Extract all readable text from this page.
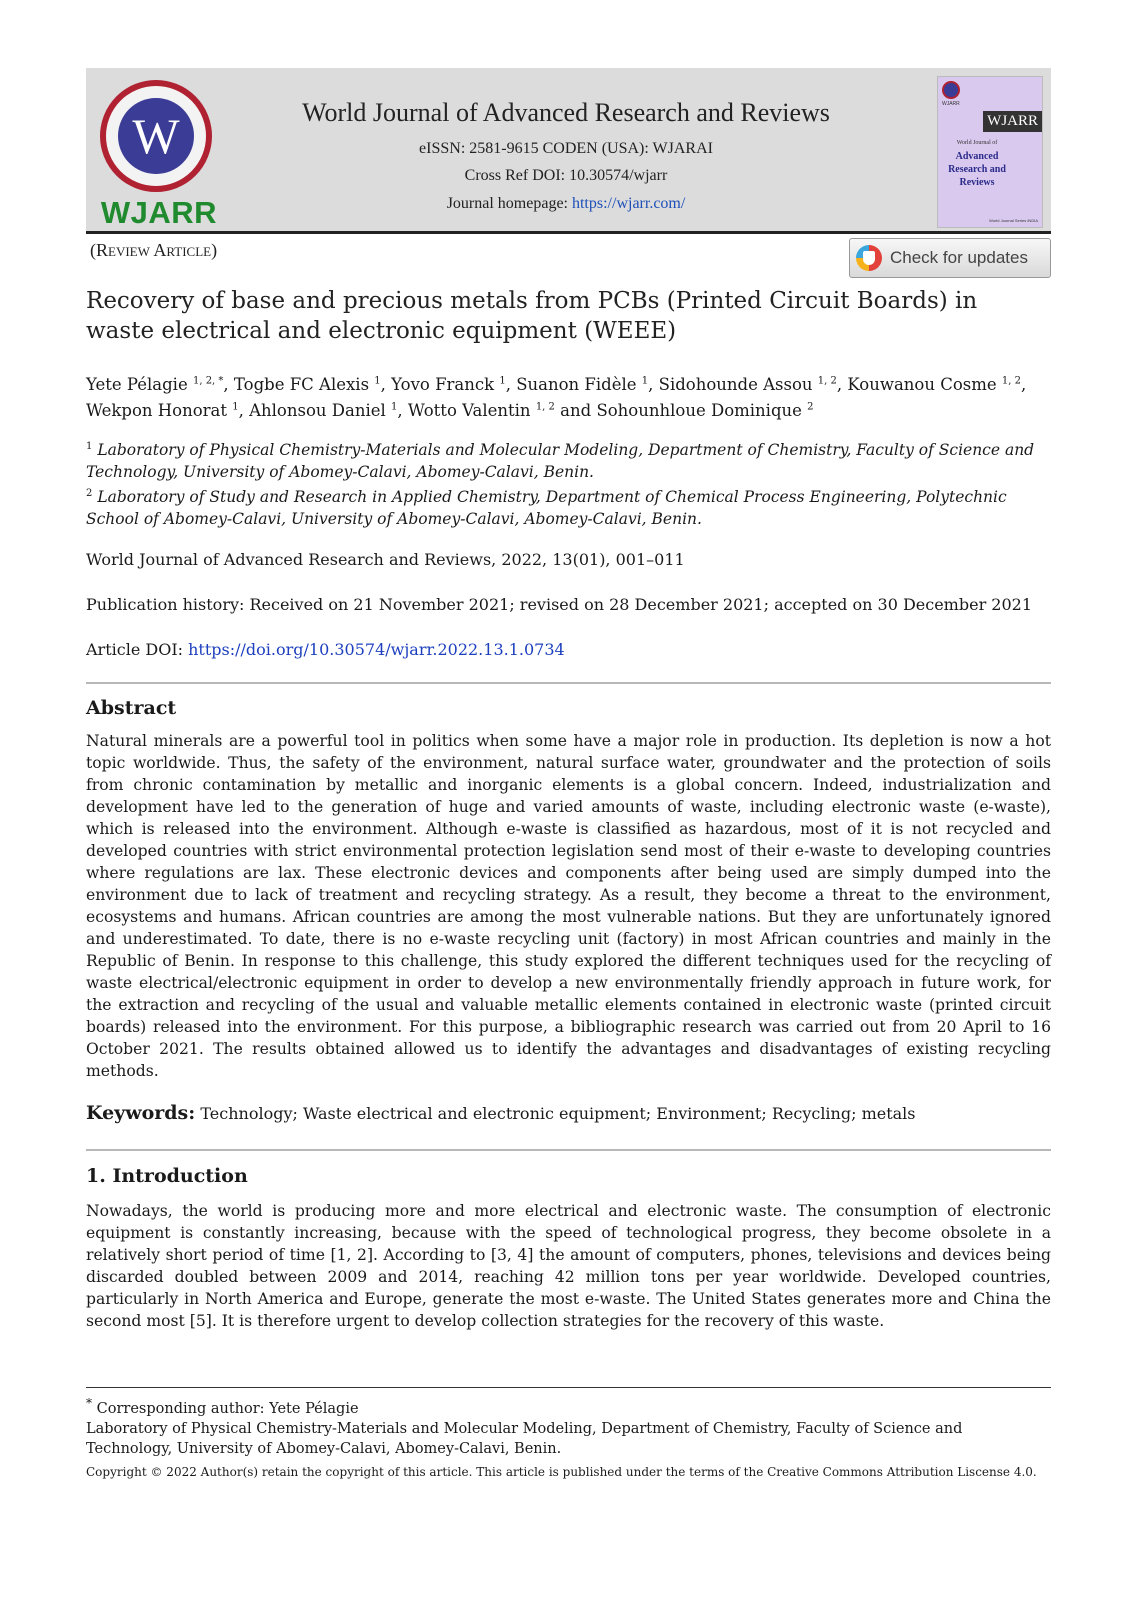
W
WJARR
World Journal of Advanced Research and Reviews
eISSN: 2581-9615 CODEN (USA): WJARAI
Cross Ref DOI: 10.30574/wjarr
Journal homepage: https://wjarr.com/
WJARR
WJARR
World Journal of
Advanced
Research and
Reviews
World Journal Series INDIA
(Review Article)	Check for updates
Recovery of base and precious metals from PCBs (Printed Circuit Boards) in waste electrical and electronic equipment (WEEE)
Yete Pélagie $^{1, 2, *}$, Togbe FC Alexis $^1$, Yovo Franck $^1$, Suanon Fidèle $^1$, Sidohounde Assou $^{1, 2}$, Kouwanou Cosme $^{1, 2}$, Wekpon Honorat $^1$, Ahlonsou Daniel $^1$, Wotto Valentin $^{1, 2}$ and Sohounhloue Dominique $^2$
$^1$ Laboratory of Physical Chemistry-Materials and Molecular Modeling, Department of Chemistry, Faculty of Science and Technology, University of Abomey-Calavi, Abomey-Calavi, Benin.
$^2$ Laboratory of Study and Research in Applied Chemistry, Department of Chemical Process Engineering, Polytechnic School of Abomey-Calavi, University of Abomey-Calavi, Abomey-Calavi, Benin.
World Journal of Advanced Research and Reviews, 2022, 13(01), 001–011
Publication history: Received on 21 November 2021; revised on 28 December 2021; accepted on 30 December 2021
Article DOI: https://doi.org/10.30574/wjarr.2022.13.1.0734
Abstract
Natural minerals are a powerful tool in politics when some have a major role in production. Its depletion is now a hot topic worldwide. Thus, the safety of the environment, natural surface water, groundwater and the protection of soils from chronic contamination by metallic and inorganic elements is a global concern. Indeed, industrialization and development have led to the generation of huge and varied amounts of waste, including electronic waste (e-waste), which is released into the environment. Although e-waste is classified as hazardous, most of it is not recycled and developed countries with strict environmental protection legislation send most of their e-waste to developing countries where regulations are lax. These electronic devices and components after being used are simply dumped into the environment due to lack of treatment and recycling strategy. As a result, they become a threat to the environment, ecosystems and humans. African countries are among the most vulnerable nations. But they are unfortunately ignored and underestimated. To date, there is no e-waste recycling unit (factory) in most African countries and mainly in the Republic of Benin. In response to this challenge, this study explored the different techniques used for the recycling of waste electrical/electronic equipment in order to develop a new environmentally friendly approach in future work, for the extraction and recycling of the usual and valuable metallic elements contained in electronic waste (printed circuit boards) released into the environment. For this purpose, a bibliographic research was carried out from 20 April to 16 October 2021. The results obtained allowed us to identify the advantages and disadvantages of existing recycling methods.
Keywords: Technology; Waste electrical and electronic equipment; Environment; Recycling; metals
1. Introduction
Nowadays, the world is producing more and more electrical and electronic waste. The consumption of electronic equipment is constantly increasing, because with the speed of technological progress, they become obsolete in a relatively short period of time [1, 2]. According to [3, 4] the amount of computers, phones, televisions and devices being discarded doubled between 2009 and 2014, reaching 42 million tons per year worldwide. Developed countries, particularly in North America and Europe, generate the most e-waste. The United States generates more and China the second most [5]. It is therefore urgent to develop collection strategies for the recovery of this waste.
* Corresponding author: Yete Pélagie
Laboratory of Physical Chemistry-Materials and Molecular Modeling, Department of Chemistry, Faculty of Science and Technology, University of Abomey-Calavi, Abomey-Calavi, Benin.
Copyright © 2022 Author(s) retain the copyright of this article. This article is published under the terms of the Creative Commons Attribution Liscense 4.0.
